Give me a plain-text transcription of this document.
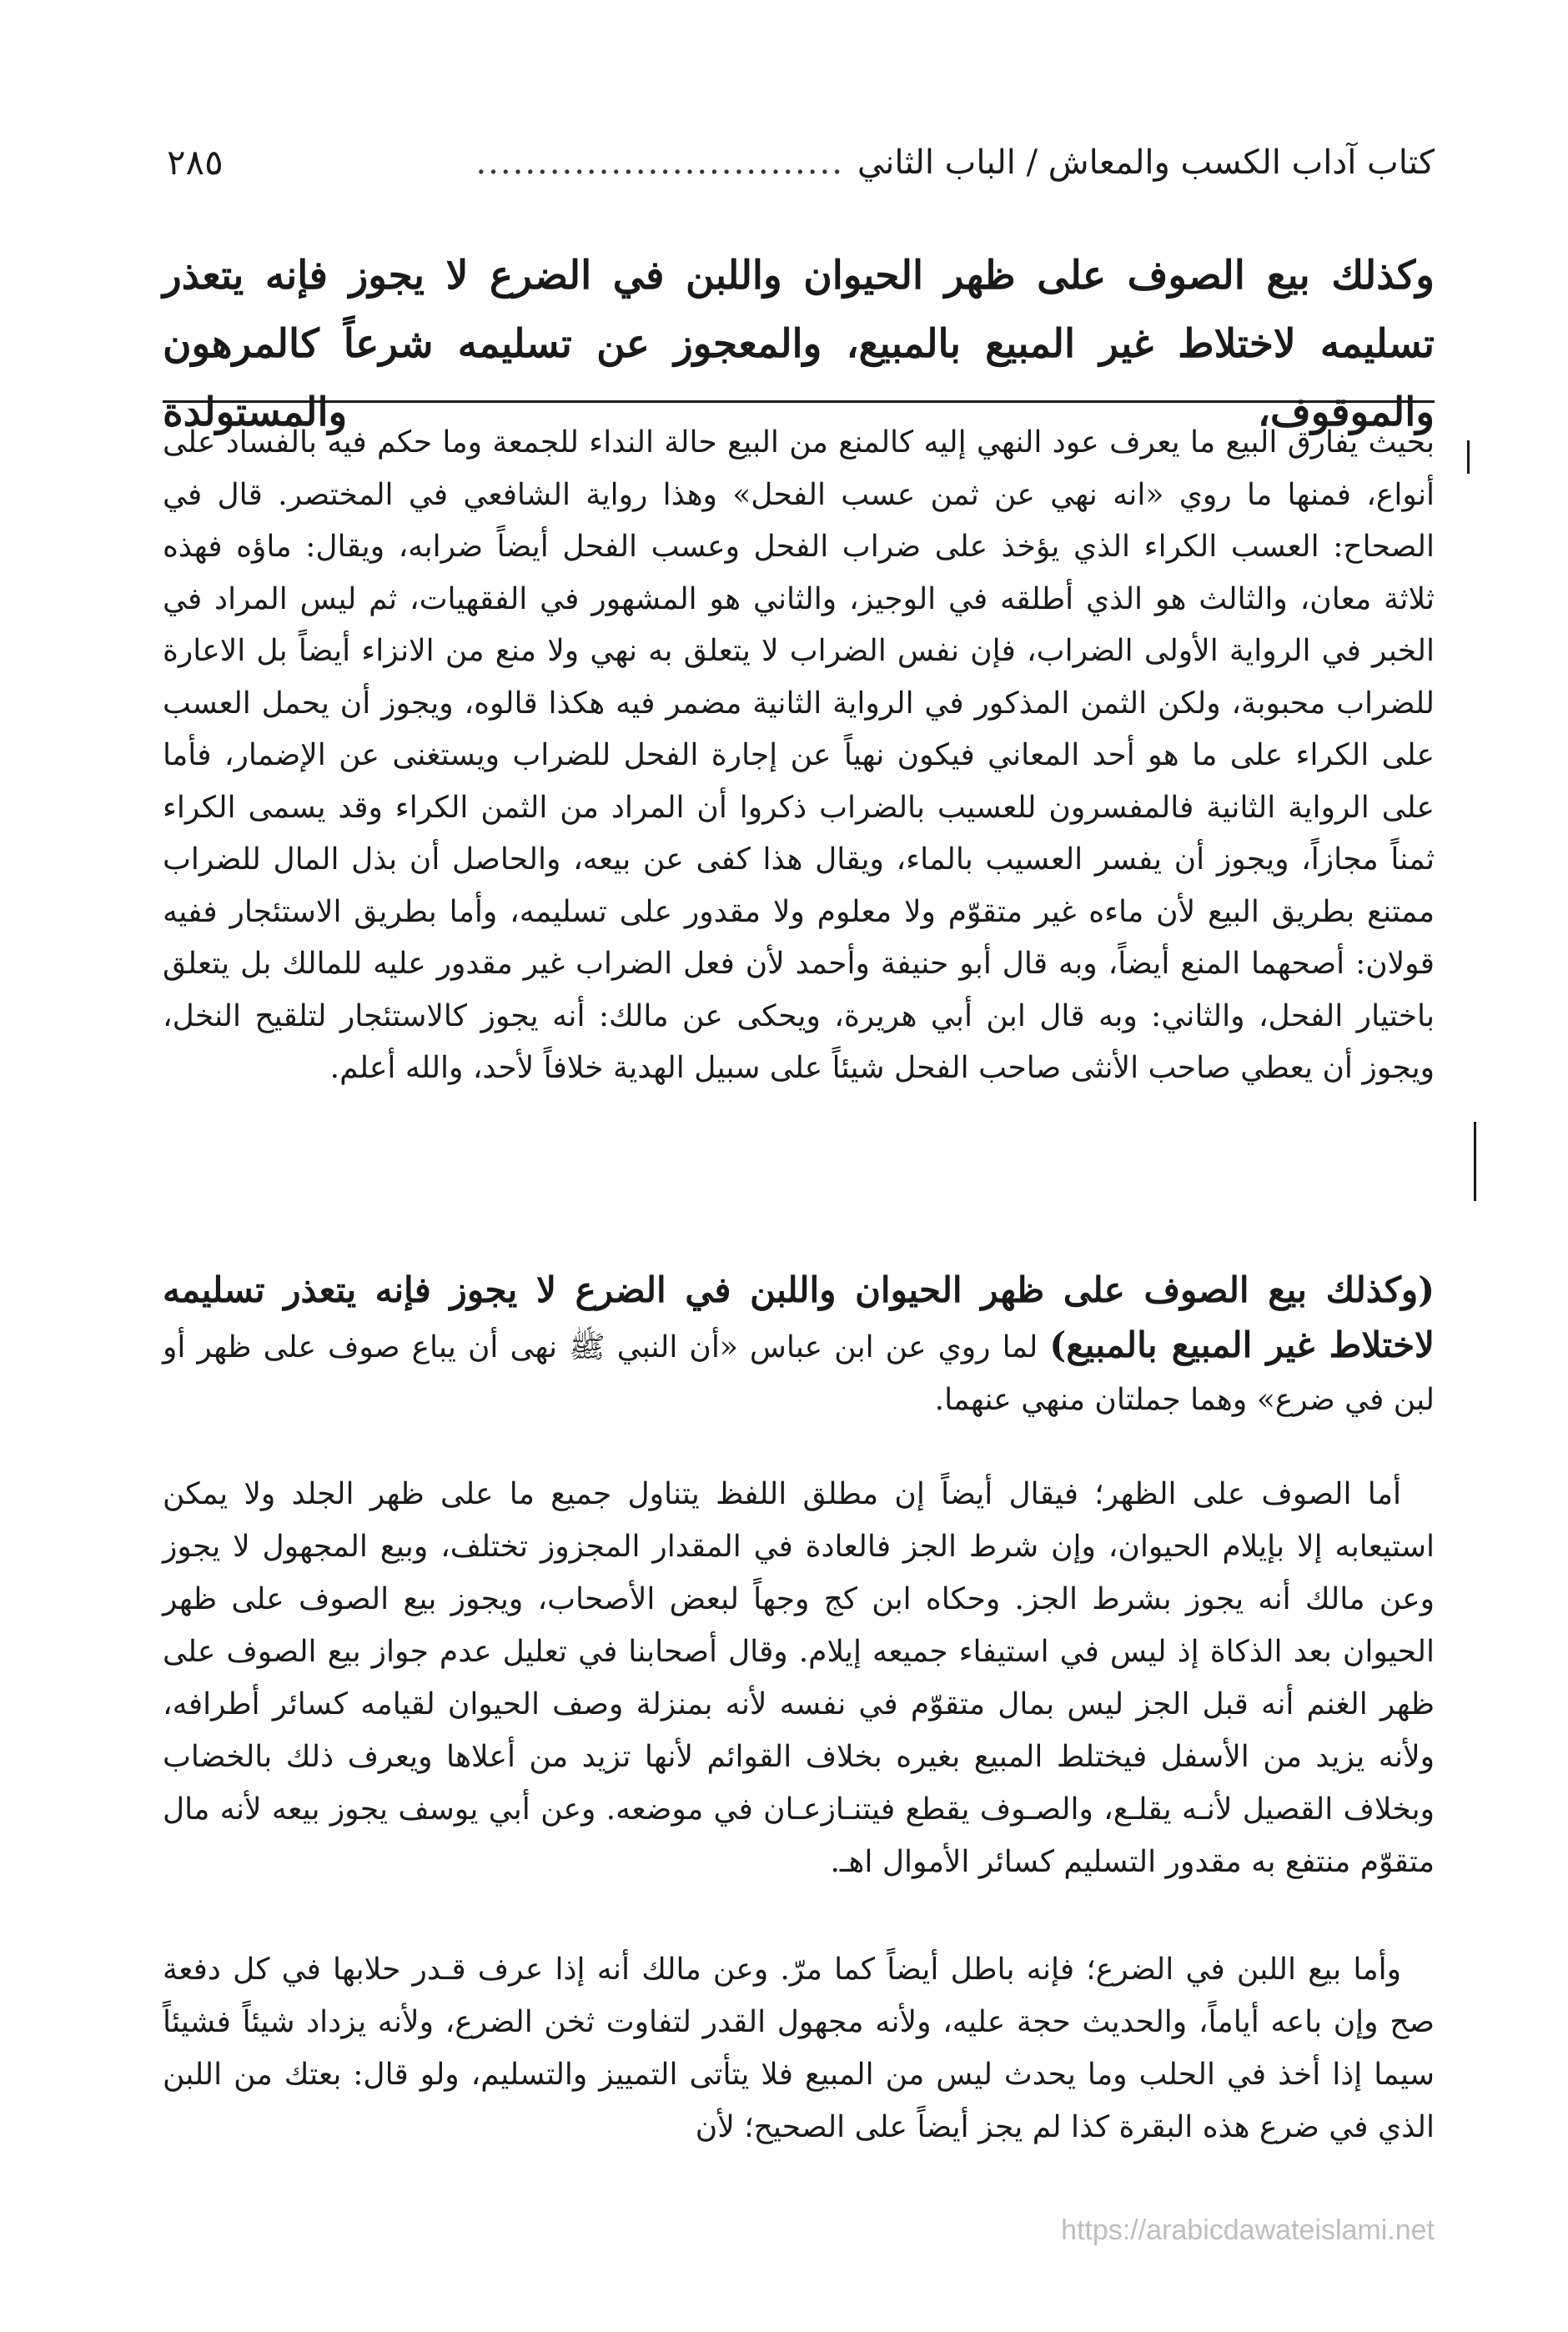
كتاب آداب الكسب والمعاش / الباب الثاني
..............................
٢٨٥
وكذلك بيع الصوف على ظهر الحيوان واللبن في الضرع لا يجوز فإنه يتعذر تسليمه لاختلاط غير المبيع بالمبيع، والمعجوز عن تسليمه شرعاً كالمرهون والموقوف، والمستولدة
بحيث يفارق البيع ما يعرف عود النهي إليه كالمنع من البيع حالة النداء للجمعة وما حكم فيه بالفساد على أنواع، فمنها ما روي «انه نهي عن ثمن عسب الفحل» وهذا رواية الشافعي في المختصر. قال في الصحاح: العسب الكراء الذي يؤخذ على ضراب الفحل وعسب الفحل أيضاً ضرابه، ويقال: ماؤه فهذه ثلاثة معان، والثالث هو الذي أطلقه في الوجيز، والثاني هو المشهور في الفقهيات، ثم ليس المراد في الخبر في الرواية الأولى الضراب، فإن نفس الضراب لا يتعلق به نهي ولا منع من الانزاء أيضاً بل الاعارة للضراب محبوبة، ولكن الثمن المذكور في الرواية الثانية مضمر فيه هكذا قالوه، ويجوز أن يحمل العسب على الكراء على ما هو أحد المعاني فيكون نهياً عن إجارة الفحل للضراب ويستغنى عن الإضمار، فأما على الرواية الثانية فالمفسرون للعسيب بالضراب ذكروا أن المراد من الثمن الكراء وقد يسمى الكراء ثمناً مجازاً، ويجوز أن يفسر العسيب بالماء، ويقال هذا كفى عن بيعه، والحاصل أن بذل المال للضراب ممتنع بطريق البيع لأن ماءه غير متقوّم ولا معلوم ولا مقدور على تسليمه، وأما بطريق الاستئجار ففيه قولان: أصحهما المنع أيضاً، وبه قال أبو حنيفة وأحمد لأن فعل الضراب غير مقدور عليه للمالك بل يتعلق باختيار الفحل، والثاني: وبه قال ابن أبي هريرة، ويحكى عن مالك: أنه يجوز كالاستئجار لتلقيح النخل، ويجوز أن يعطي صاحب الأنثى صاحب الفحل شيئاً على سبيل الهدية خلافاً لأحد، والله أعلم.
(وكذلك بيع الصوف على ظهر الحيوان واللبن في الضرع لا يجوز فإنه يتعذر تسليمه لاختلاط غير المبيع بالمبيع) لما روي عن ابن عباس «أن النبي ﷺ نهى أن يباع صوف على ظهر أو لبن في ضرع» وهما جملتان منهي عنهما.
أما الصوف على الظهر؛ فيقال أيضاً إن مطلق اللفظ يتناول جميع ما على ظهر الجلد ولا يمكن استيعابه إلا بإيلام الحيوان، وإن شرط الجز فالعادة في المقدار المجزوز تختلف، وبيع المجهول لا يجوز وعن مالك أنه يجوز بشرط الجز. وحكاه ابن كج وجهاً لبعض الأصحاب، ويجوز بيع الصوف على ظهر الحيوان بعد الذكاة إذ ليس في استيفاء جميعه إيلام. وقال أصحابنا في تعليل عدم جواز بيع الصوف على ظهر الغنم أنه قبل الجز ليس بمال متقوّم في نفسه لأنه بمنزلة وصف الحيوان لقيامه كسائر أطرافه، ولأنه يزيد من الأسفل فيختلط المبيع بغيره بخلاف القوائم لأنها تزيد من أعلاها ويعرف ذلك بالخضاب وبخلاف القصيل لأنـه يقلـع، والصـوف يقطع فيتنـازعـان في موضعه. وعن أبي يوسف يجوز بيعه لأنه مال متقوّم منتفع به مقدور التسليم كسائر الأموال اهـ.
وأما بيع اللبن في الضرع؛ فإنه باطل أيضاً كما مرّ. وعن مالك أنه إذا عرف قـدر حلابها في كل دفعة صح وإن باعه أياماً، والحديث حجة عليه، ولأنه مجهول القدر لتفاوت ثخن الضرع، ولأنه يزداد شيئاً فشيئاً سيما إذا أخذ في الحلب وما يحدث ليس من المبيع فلا يتأتى التمييز والتسليم، ولو قال: بعتك من اللبن الذي في ضرع هذه البقرة كذا لم يجز أيضاً على الصحيح؛ لأن
https://arabicdawateislami.net
